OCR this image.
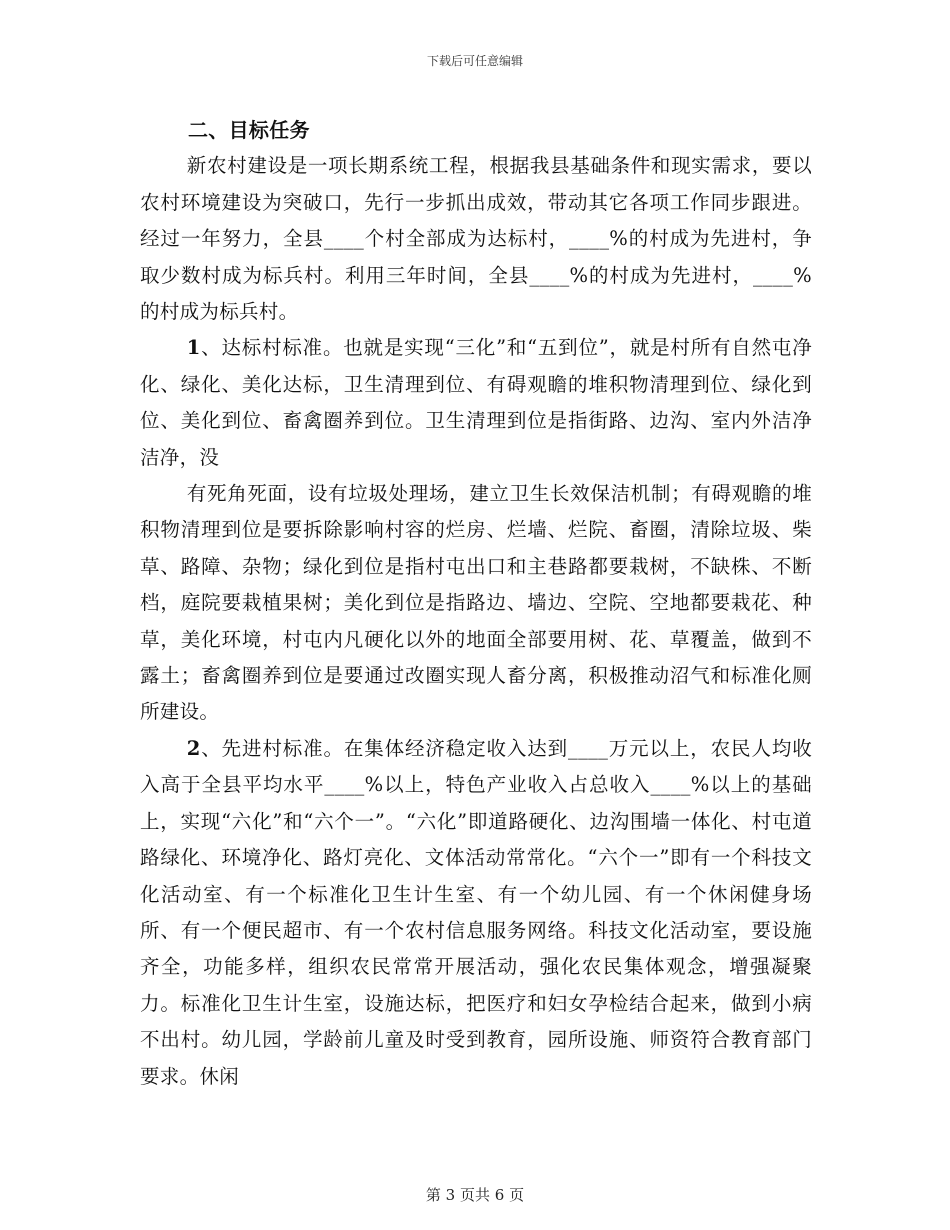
下载后可任意编辑
二、目标任务

新农村建设是一项长期系统工程，根据我县基础条件和现实需求，要以农村环境建设为突破口，先行一步抓出成效，带动其它各项工作同步跟进。经过一年努力，全县____个村全部成为达标村，____%的村成为先进村，争取少数村成为标兵村。利用三年时间，全县____%的村成为先进村，____%的村成为标兵村。

1、达标村标准。也就是实现“三化”和“五到位”，就是村所有自然屯净化、绿化、美化达标，卫生清理到位、有碍观瞻的堆积物清理到位、绿化到位、美化到位、畜禽圈养到位。卫生清理到位是指街路、边沟、室内外洁净洁净，没

有死角死面，设有垃圾处理场，建立卫生长效保洁机制；有碍观瞻的堆积物清理到位是要拆除影响村容的烂房、烂墙、烂院、畜圈，清除垃圾、柴草、路障、杂物；绿化到位是指村屯出口和主巷路都要栽树，不缺株、不断档，庭院要栽植果树；美化到位是指路边、墙边、空院、空地都要栽花、种草，美化环境，村屯内凡硬化以外的地面全部要用树、花、草覆盖，做到不露土；畜禽圈养到位是要通过改圈实现人畜分离，积极推动沼气和标准化厕所建设。

2、先进村标准。在集体经济稳定收入达到____万元以上，农民人均收入高于全县平均水平____%以上，特色产业收入占总收入____%以上的基础上，实现“六化”和“六个一”。“六化”即道路硬化、边沟围墙一体化、村屯道路绿化、环境净化、路灯亮化、文体活动常常化。“六个一”即有一个科技文化活动室、有一个标准化卫生计生室、有一个幼儿园、有一个休闲健身场所、有一个便民超市、有一个农村信息服务网络。科技文化活动室，要设施齐全，功能多样，组织农民常常开展活动，强化农民集体观念，增强凝聚力。标准化卫生计生室，设施达标，把医疗和妇女孕检结合起来，做到小病不出村。幼儿园，学龄前儿童及时受到教育，园所设施、师资符合教育部门要求。休闲

第 3 页共 6 页
